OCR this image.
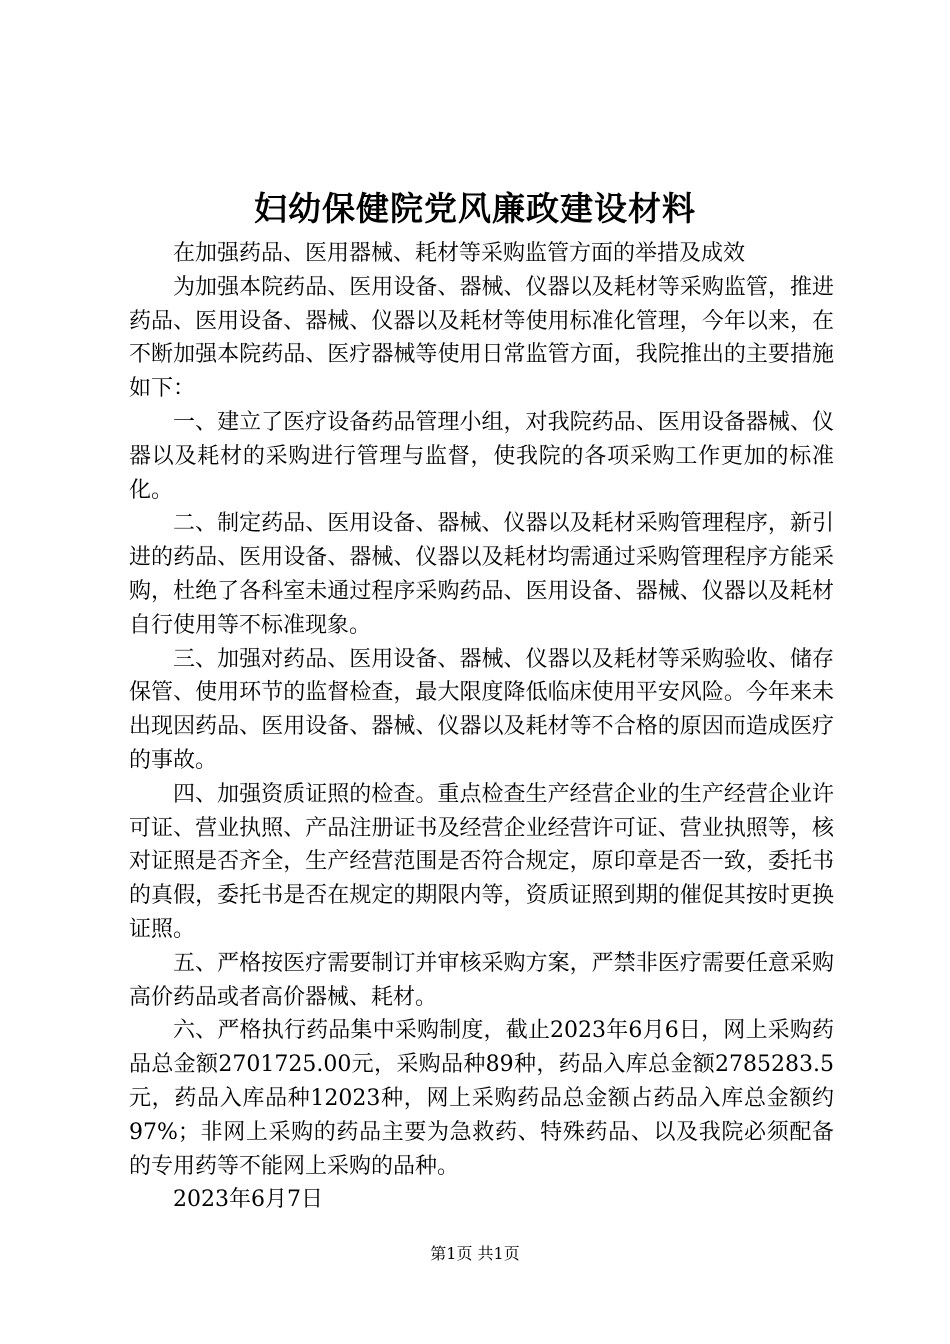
妇幼保健院党风廉政建设材料

在加强药品、医用器械、耗材等采购监管方面的举措及成效

为加强本院药品、医用设备、器械、仪器以及耗材等采购监管，推进药品、医用设备、器械、仪器以及耗材等使用标准化管理，今年以来，在不断加强本院药品、医疗器械等使用日常监管方面，我院推出的主要措施如下：

一、建立了医疗设备药品管理小组，对我院药品、医用设备器械、仪器以及耗材的采购进行管理与监督，使我院的各项采购工作更加的标准化。

二、制定药品、医用设备、器械、仪器以及耗材采购管理程序，新引进的药品、医用设备、器械、仪器以及耗材均需通过采购管理程序方能采购，杜绝了各科室未通过程序采购药品、医用设备、器械、仪器以及耗材自行使用等不标准现象。

三、加强对药品、医用设备、器械、仪器以及耗材等采购验收、储存保管、使用环节的监督检查，最大限度降低临床使用平安风险。今年来未出现因药品、医用设备、器械、仪器以及耗材等不合格的原因而造成医疗的事故。

四、加强资质证照的检查。重点检查生产经营企业的生产经营企业许可证、营业执照、产品注册证书及经营企业经营许可证、营业执照等，核对证照是否齐全，生产经营范围是否符合规定，原印章是否一致，委托书的真假，委托书是否在规定的期限内等，资质证照到期的催促其按时更换证照。

五、严格按医疗需要制订并审核采购方案，严禁非医疗需要任意采购高价药品或者高价器械、耗材。

六、严格执行药品集中采购制度，截止2023年6月6日，网上采购药品总金额2701725.00元，采购品种89种，药品入库总金额2785283.5元，药品入库品种12023种，网上采购药品总金额占药品入库总金额约97%；非网上采购的药品主要为急救药、特殊药品、以及我院必须配备的专用药等不能网上采购的品种。

2023年6月7日

第1页 共1页
